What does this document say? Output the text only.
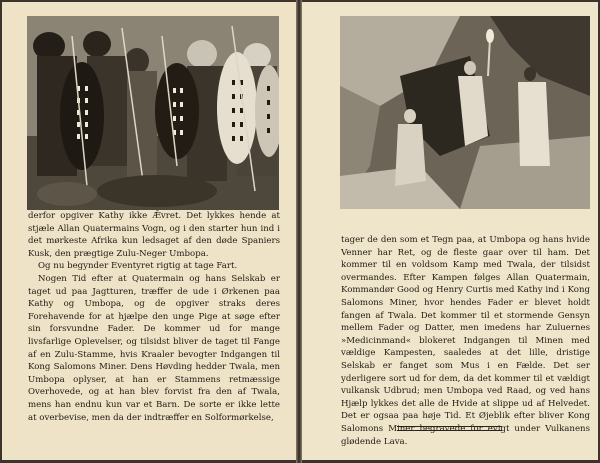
derfor opgiver Kathy ikke Ǣvret. Det lykkes hende at stjæle Allan Quatermains Vogn, og i den starter hun ind i det mørkeste Afrika kun ledsaget af den døde Spaniers Kusk, den prægtige Zulu-Neger Umbopa.

Og nu begynder Eventyret rigtig at tage Fart.

Nogen Tid efter at Quatermain og hans Selskab er taget ud paa Jagtturen, træffer de ude i Ørkenen paa Kathy og Umbopa, og de opgiver straks deres Forehavende for at hjælpe den unge Pige at søge efter sin forsvundne Fader. De kommer ud for mange livsfarlige Oplevelser, og tilsidst bliver de taget til Fange af en Zulu-Stamme, hvis Kraaler bevogter Indgangen til Kong Salomons Miner. Dens Høvding hedder Twala, men Umbopa oplyser, at han er Stammens retmæssige Overhovede, og at han blev forvist fra den af Twala, mens han endnu kun var et Barn. De sorte er ikke lette at overbevise, men da der indtræffer en Solformørkelse,

tager de den som et Tegn paa, at Umbopa og hans hvide Venner har Ret, og de fleste gaar over til ham. Det kommer til en voldsom Kamp med Twala, der tilsidst overmandes. Efter Kampen følges Allan Quatermain, Kommandør Good og Henry Curtis med Kathy ind i Kong Salomons Miner, hvor hendes Fader er blevet holdt fangen af Twala. Det kommer til et stormende Gensyn mellem Fader og Datter, men imedens har Zuluernes »Medicinmand« blokeret Indgangen til Minen med vældige Kampesten, saaledes at det lille, dristige Selskab er fanget som Mus i en Fælde. Det ser yderligere sort ud for dem, da det kommer til et vældigt vulkansk Udbrud; men Umbopa ved Raad, og ved hans Hjælp lykkes det alle de Hvide at slippe ud af Helvedet. Det er ogsaa paa høje Tid. Et Øjeblik efter bliver Kong Salomons Miner begravede for evigt under Vulkanens glødende Lava.
